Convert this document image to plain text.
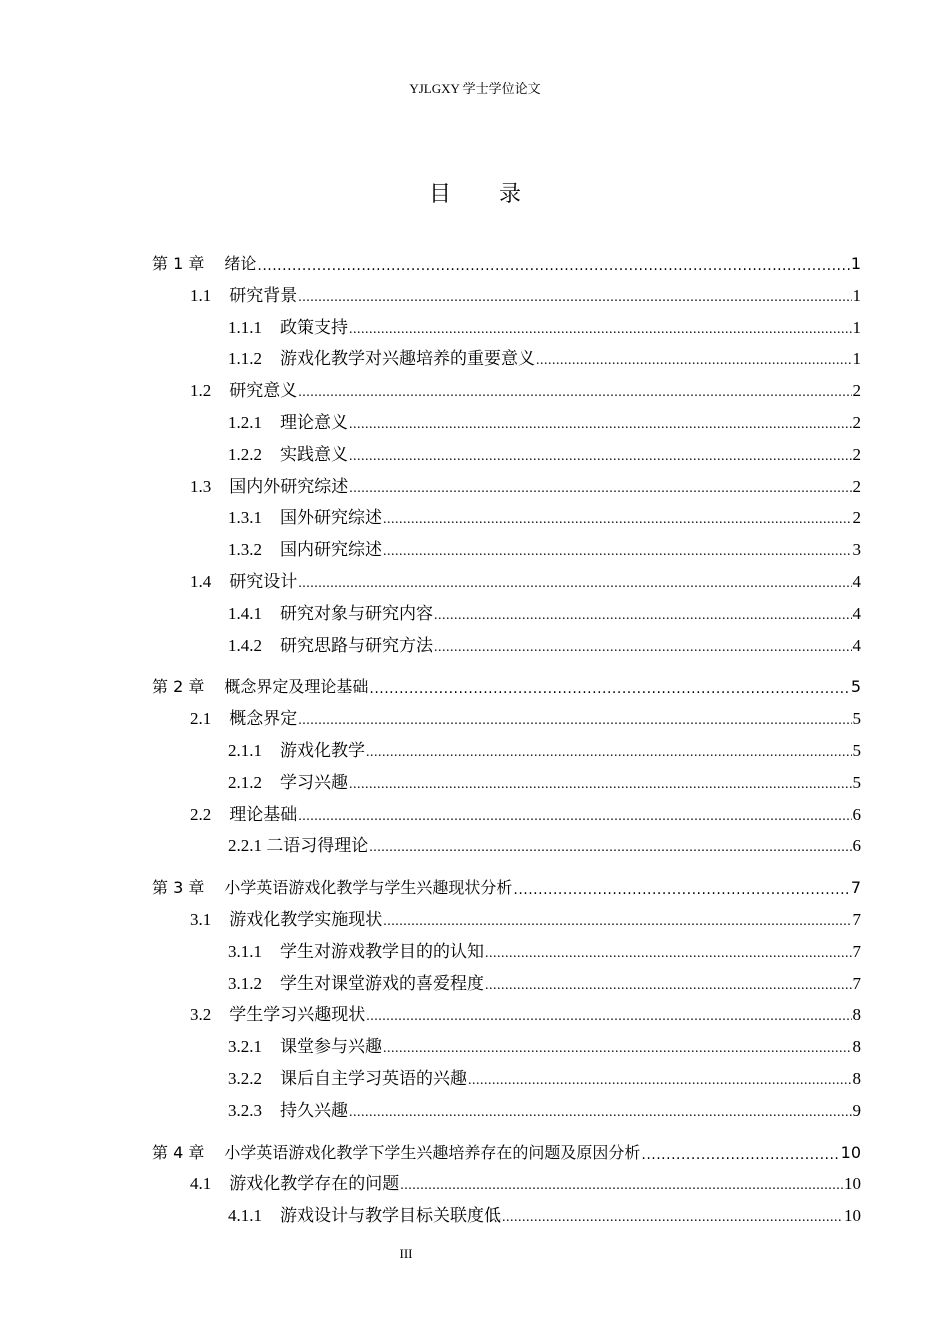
YJLGXY 学士学位论文
目录
第 1 章 绪论 .....	1
1.1 研究背景 .....	1
1.1.1 政策支持 .....	1
1.1.2 游戏化教学对兴趣培养的重要意义 .....	1
1.2 研究意义 .....	2
1.2.1 理论意义 .....	2
1.2.2 实践意义 .....	2
1.3 国内外研究综述 .....	2
1.3.1 国外研究综述 .....	2
1.3.2 国内研究综述 .....	3
1.4 研究设计 .....	4
1.4.1 研究对象与研究内容 .....	4
1.4.2 研究思路与研究方法 .....	4
第 2 章 概念界定及理论基础 .....	5
2.1 概念界定 .....	5
2.1.1 游戏化教学 .....	5
2.1.2 学习兴趣 .....	5
2.2 理论基础 .....	6
2.2.1 二语习得理论 .....	6
第 3 章 小学英语游戏化教学与学生兴趣现状分析 .....	7
3.1 游戏化教学实施现状 .....	7
3.1.1 学生对游戏教学目的的认知 .....	7
3.1.2 学生对课堂游戏的喜爱程度 .....	7
3.2 学生学习兴趣现状 .....	8
3.2.1 课堂参与兴趣 .....	8
3.2.2 课后自主学习英语的兴趣 .....	8
3.2.3 持久兴趣 .....	9
第 4 章 小学英语游戏化教学下学生兴趣培养存在的问题及原因分析 .....	10
4.1 游戏化教学存在的问题 .....	10
4.1.1 游戏设计与教学目标关联度低 .....	10
III
